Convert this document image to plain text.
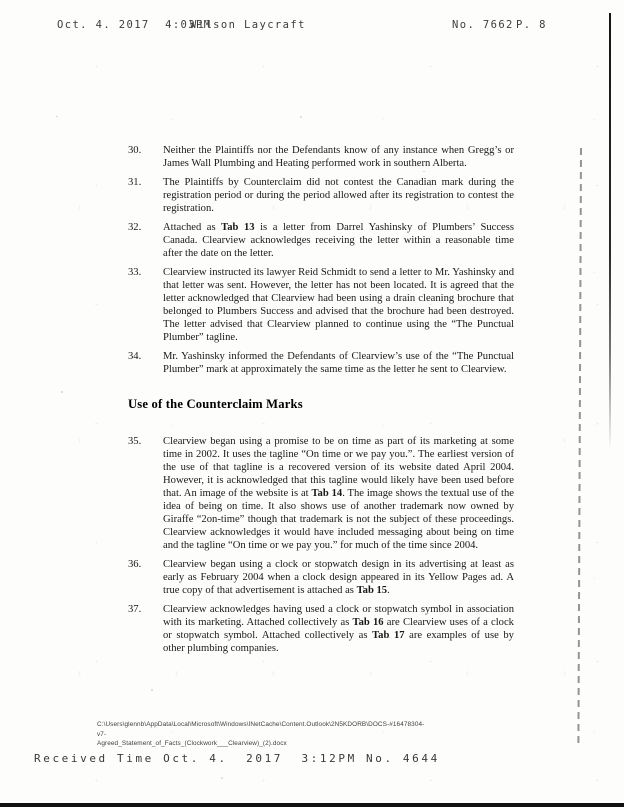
Oct. 4. 2017  4:03PM
Wilson Laycraft	No. 7662 P. 8
30.	Neither the Plaintiffs nor the Defendants know of any instance when Gregg’s or James Wall Plumbing and Heating performed work in southern Alberta.
31.	The Plaintiffs by Counterclaim did not contest the Canadian mark during the registration period or during the period allowed after its registration to contest the registration.
32.	Attached as Tab 13 is a letter from Darrel Yashinsky of Plumbers’ Success Canada. Clearview acknowledges receiving the letter within a reasonable time after the date on the letter.
33.	Clearview instructed its lawyer Reid Schmidt to send a letter to Mr. Yashinsky and that letter was sent. However, the letter has not been located. It is agreed that the letter acknowledged that Clearview had been using a drain cleaning brochure that belonged to Plumbers Success and advised that the brochure had been destroyed. The letter advised that Clearview planned to continue using the “The Punctual Plumber” tagline.
34.	Mr. Yashinsky informed the Defendants of Clearview’s use of the “The Punctual Plumber” mark at approximately the same time as the letter he sent to Clearview.
Use of the Counterclaim Marks
35.	Clearview began using a promise to be on time as part of its marketing at some time in 2002. It uses the tagline “On time or we pay you.”. The earliest version of the use of that tagline is a recovered version of its website dated April 2004. However, it is acknowledged that this tagline would likely have been used before that. An image of the website is at Tab 14. The image shows the textual use of the idea of being on time. It also shows use of another trademark now owned by Giraffe “2on-time” though that trademark is not the subject of these proceedings. Clearview acknowledges it would have included messaging about being on time and the tagline “On time or we pay you.” for much of the time since 2004.
36.	Clearview began using a clock or stopwatch design in its advertising at least as early as February 2004 when a clock design appeared in its Yellow Pages ad. A true copy of that advertisement is attached as Tab 15.
37.	Clearview acknowledges having used a clock or stopwatch symbol in association with its marketing. Attached collectively as Tab 16 are Clearview uses of a clock or stopwatch symbol. Attached collectively as Tab 17 are examples of use by other plumbing companies.
C:\Users\glennb\AppData\Local\Microsoft\Windows\INetCache\Content.Outlook\2N5KDORB\DOCS-#16478304-v7-
Agreed_Statement_of_Facts_(Clockwork___Clearview)_(2).docx
Received Time Oct. 4.  2017  3:12PM No. 4644
